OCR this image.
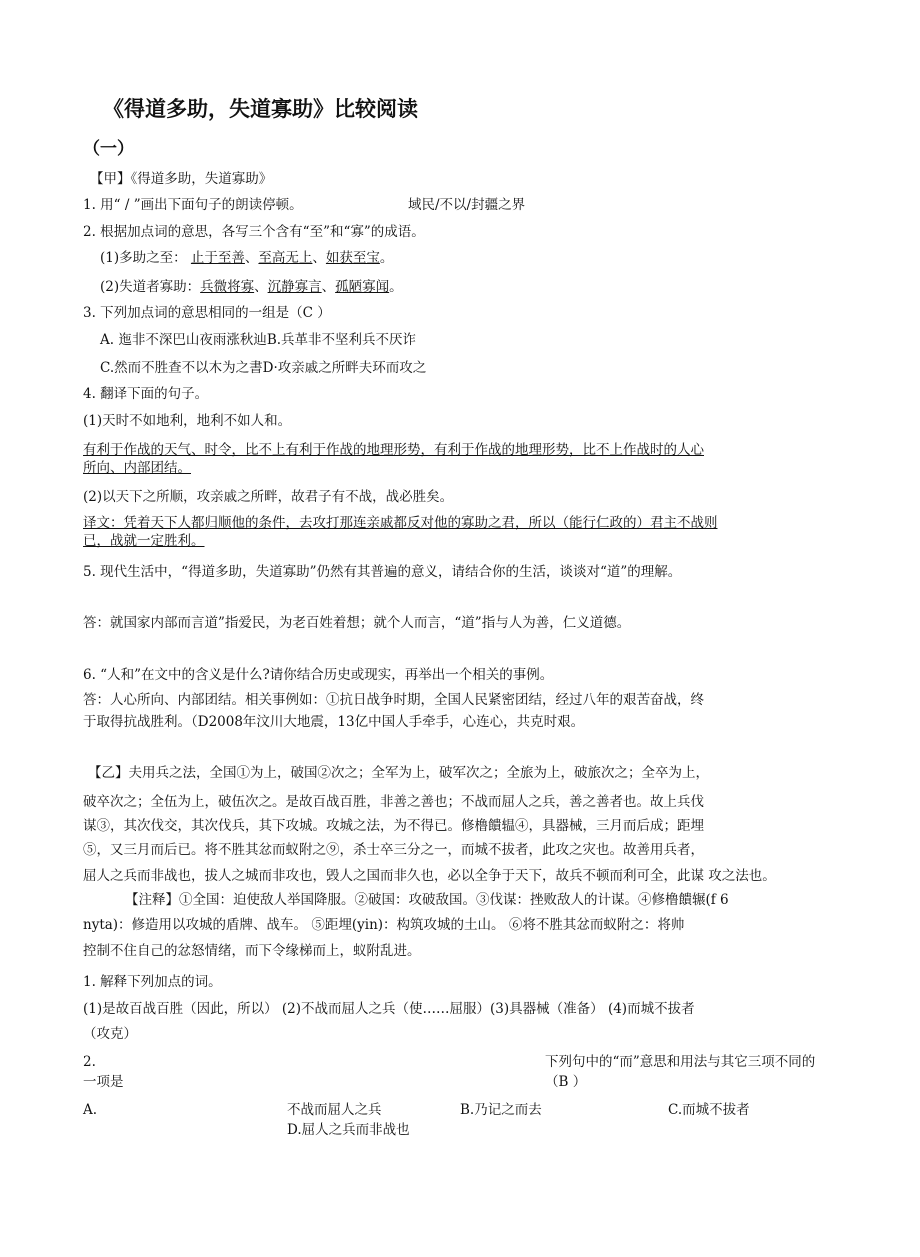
《得道多助，失道寡助》比较阅读
（一）
【甲】《得道多助，失道寡助》
1. 用“ / ”画出下面句子的朗读停顿。	域民/不以/封疆之界
2. 根据加点词的意思，各写三个含有“至”和“寡”的成语。
(1)多助之至： 止于至善、至高无上、如获至宝。
(2)失道者寡助：兵微将寡、沉静寡言、孤陋寡闻。
3. 下列加点词的意思相同的一组是（C ）
A. 迤非不深巴山夜雨涨秋辿B.兵革非不坚利兵不厌诈
C.然而不胜查不以木为之書D·攻亲戚之所畔夫环而攻之
4. 翻译下面的句子。
(1)天时不如地利，地利不如人和。
有利于作战的天气、时令，比不上有利于作战的地理形势，有利于作战的地理形势，比不上作战时的人心
所向、内部团结。
(2)以天下之所顺，攻亲戚之所畔，故君子有不战，战必胜矣。
译文：凭着天下人都归顺他的条件，去攻打那连亲戚都反对他的寡助之君，所以（能行仁政的）君主不战则
已，战就一定胜利。
5. 现代生活中，“得道多助，失道寡助”仍然有其普遍的意义，请结合你的生活，谈谈对“道”的理解。
答：就国家内部而言道”指爱民，为老百姓着想；就个人而言，“道”指与人为善，仁义道德。
6. “人和”在文中的含义是什么?请你结合历史或现实，再举出一个相关的事例。
答：人心所向、内部团结。相关事例如：①抗日战争时期，全国人民紧密团结，经过八年的艰苦奋战，终
于取得抗战胜利。（D2008年汶川大地震，13亿中国人手牵手，心连心，共克时艰。
【乙】夫用兵之法，全国①为上，破国②次之；全军为上，破军次之；全旅为上，破旅次之；全卒为上，
破卒次之；全伍为上，破伍次之。是故百战百胜，非善之善也；不战而屈人之兵，善之善者也。故上兵伐
谋③，其次伐交，其次伐兵，其下攻城。攻城之法，为不得已。修橹饋辒④，具器械，三月而后成；距埋
⑤，又三月而后已。将不胜其忿而蚁附之⑨，杀士卒三分之一，而城不拔者，此攻之灾也。故善用兵者，
屈人之兵而非战也，拔人之城而非攻也，毁人之国而非久也，必以全争于天下，故兵不顿而利可全，此谋 攻之法也。
【注释】①全国：迫使敌人举国降服。②破国：攻破敌国。③伐谋：挫败敌人的计谋。④修橹饋辗(f 6
nyta)：修造用以攻城的盾牌、战车。 ⑤距埋(yin)：构筑攻城的土山。 ⑥将不胜其忿而蚁附之：将帅
控制不住自己的忿怒情绪，而下令缘梯而上，蚁附乱进。
1. 解释下列加点的词。
(1)是故百战百胜（因此，所以） (2)不战而屈人之兵（使……屈服）(3)具器械（准备） (4)而城不拔者
（攻克）
2.	下列句中的“而”意思和用法与其它三项不同的
一项是	（B ）
A.	不战而屈人之兵	B.乃记之而去	C.而城不拔者
D.屈人之兵而非战也
